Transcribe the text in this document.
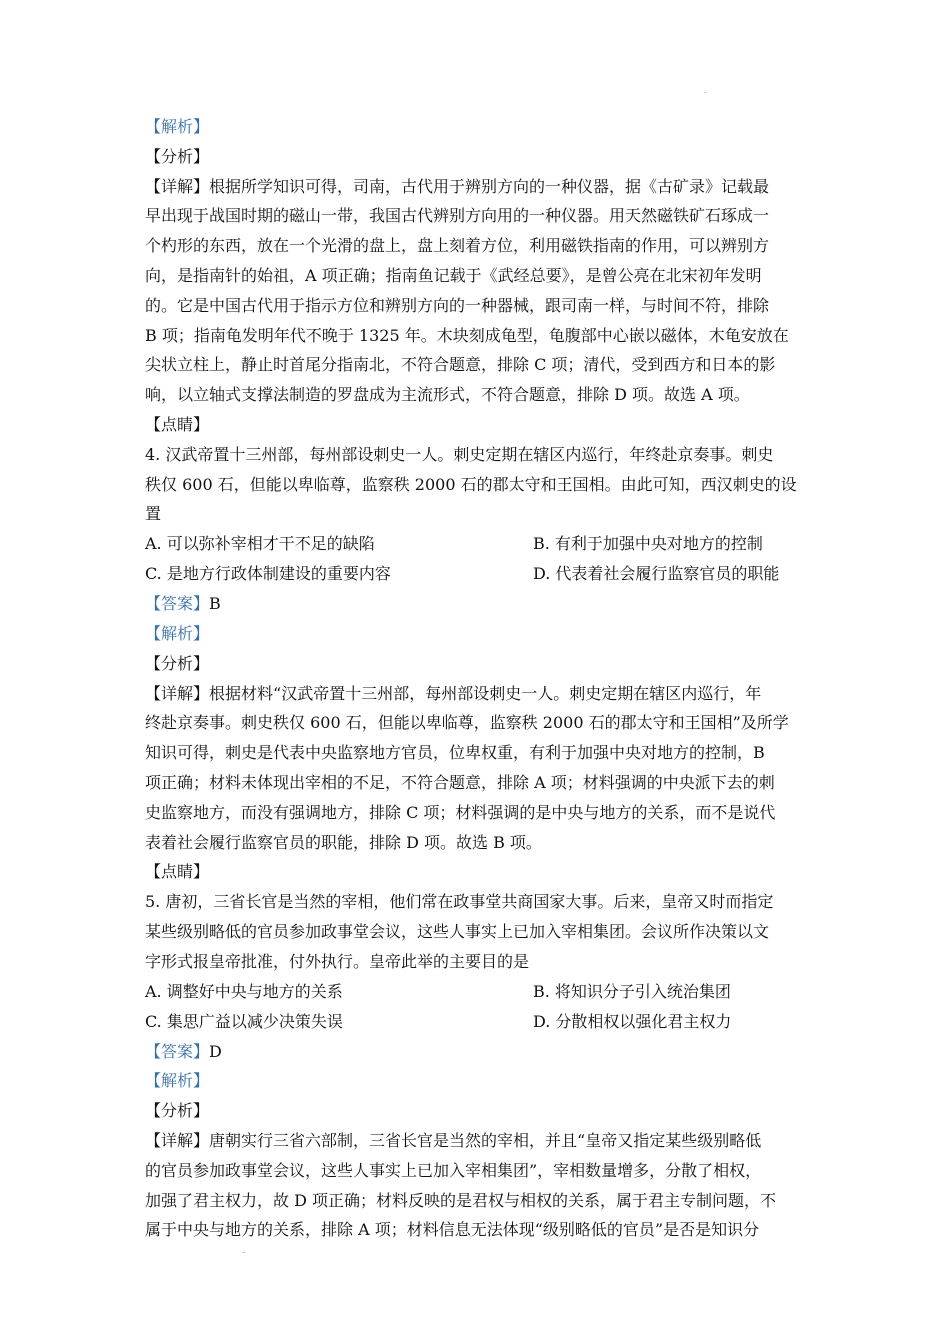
【解析】
【分析】
【详解】根据所学知识可得，司南，古代用于辨别方向的一种仪器，据《古矿录》记载最
早出现于战国时期的磁山一带，我国古代辨别方向用的一种仪器。用天然磁铁矿石琢成一
个杓形的东西，放在一个光滑的盘上，盘上刻着方位，利用磁铁指南的作用，可以辨别方
向，是指南针的始祖，A 项正确；指南鱼记载于《武经总要》，是曾公亮在北宋初年发明
的。它是中国古代用于指示方位和辨别方向的一种器械，跟司南一样，与时间不符，排除
B 项；指南龟发明年代不晚于 1325 年。木块刻成龟型，龟腹部中心嵌以磁体，木龟安放在
尖状立柱上，静止时首尾分指南北，不符合题意，排除 C 项；清代，受到西方和日本的影
响，以立轴式支撑法制造的罗盘成为主流形式，不符合题意，排除 D 项。故选 A 项。
【点睛】
4. 汉武帝置十三州部，每州部设刺史一人。刺史定期在辖区内巡行，年终赴京奏事。刺史
秩仅 600 石，但能以卑临尊，监察秩 2000 石的郡太守和王国相。由此可知，西汉刺史的设
置
A. 可以弥补宰相才干不足的缺陷	B. 有利于加强中央对地方的控制
C. 是地方行政体制建设的重要内容	D. 代表着社会履行监察官员的职能
【答案】B
【解析】
【分析】
【详解】根据材料“汉武帝置十三州部，每州部设刺史一人。刺史定期在辖区内巡行，年
终赴京奏事。刺史秩仅 600 石，但能以卑临尊，监察秩 2000 石的郡太守和王国相”及所学
知识可得，刺史是代表中央监察地方官员，位卑权重，有利于加强中央对地方的控制，B
项正确；材料未体现出宰相的不足，不符合题意，排除 A 项；材料强调的中央派下去的刺
史监察地方，而没有强调地方，排除 C 项；材料强调的是中央与地方的关系，而不是说代
表着社会履行监察官员的职能，排除 D 项。故选 B 项。
【点睛】
5. 唐初，三省长官是当然的宰相，他们常在政事堂共商国家大事。后来，皇帝又时而指定
某些级别略低的官员参加政事堂会议，这些人事实上已加入宰相集团。会议所作决策以文
字形式报皇帝批准，付外执行。皇帝此举的主要目的是
A. 调整好中央与地方的关系	B. 将知识分子引入统治集团
C. 集思广益以减少决策失误	D. 分散相权以强化君主权力
【答案】D
【解析】
【分析】
【详解】唐朝实行三省六部制，三省长官是当然的宰相，并且“皇帝又指定某些级别略低
的官员参加政事堂会议，这些人事实上已加入宰相集团”，宰相数量增多，分散了相权，
加强了君主权力，故 D 项正确；材料反映的是君权与相权的关系，属于君主专制问题，不
属于中央与地方的关系，排除 A 项；材料信息无法体现“级别略低的官员”是否是知识分
